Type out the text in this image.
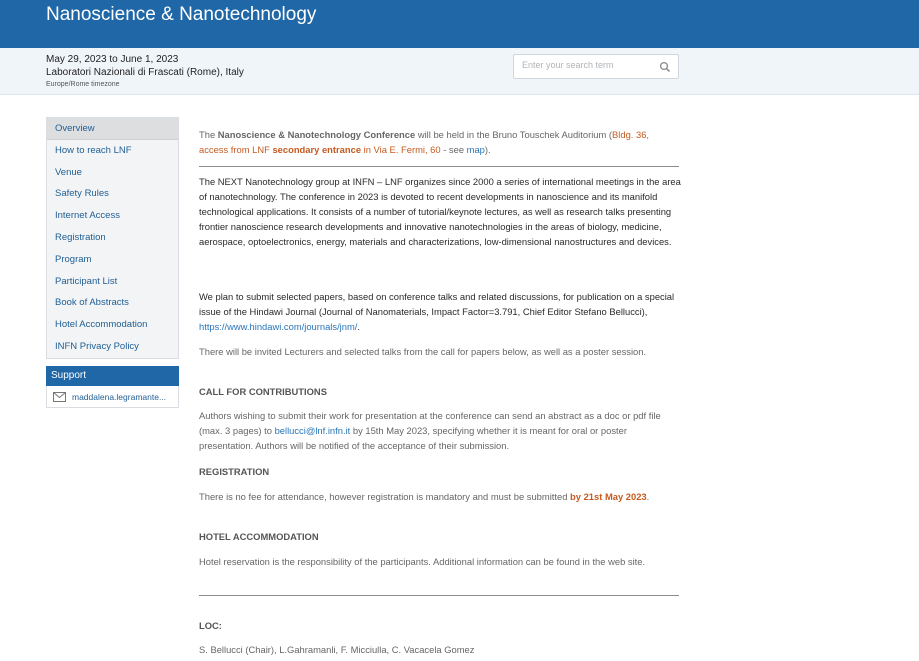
Nanoscience & Nanotechnology
May 29, 2023 to June 1, 2023
Laboratori Nazionali di Frascati (Rome), Italy
Europe/Rome timezone
Enter your search term
Overview
How to reach LNF
Venue
Safety Rules
Internet Access
Registration
Program
Participant List
Book of Abstracts
Hotel Accommodation
INFN Privacy Policy
Support
maddalena.legramante...
The Nanoscience & Nanotechnology Conference will be held in the Bruno Touschek Auditorium (Bldg. 36, access from LNF secondary entrance in Via E. Fermi, 60 - see map).
The NEXT Nanotechnology group at INFN – LNF organizes since 2000 a series of international meetings in the area of nanotechnology. The conference in 2023 is devoted to recent developments in nanoscience and its manifold technological applications. It consists of a number of tutorial/keynote lectures, as well as research talks presenting frontier nanoscience research developments and innovative nanotechnologies in the areas of biology, medicine, aerospace, optoelectronics, energy, materials and characterizations, low-dimensional nanostructures and devices.
We plan to submit selected papers, based on conference talks and related discussions, for publication on a special issue of the Hindawi Journal (Journal of Nanomaterials, Impact Factor=3.791, Chief Editor Stefano Bellucci), https://www.hindawi.com/journals/jnm/.
There will be invited Lecturers and selected talks from the call for papers below, as well as a poster session.
CALL FOR CONTRIBUTIONS
Authors wishing to submit their work for presentation at the conference can send an abstract as a doc or pdf file (max. 3 pages) to bellucci@lnf.infn.it by 15th May 2023, specifying whether it is meant for oral or poster presentation. Authors will be notified of the acceptance of their submission.
REGISTRATION
There is no fee for attendance, however registration is mandatory and must be submitted by 21st May 2023.
HOTEL ACCOMMODATION
Hotel reservation is the responsibility of the participants. Additional information can be found in the web site.
LOC:
S. Bellucci (Chair), L.Gahramanli, F. Micciulla, C. Vacacela Gomez
